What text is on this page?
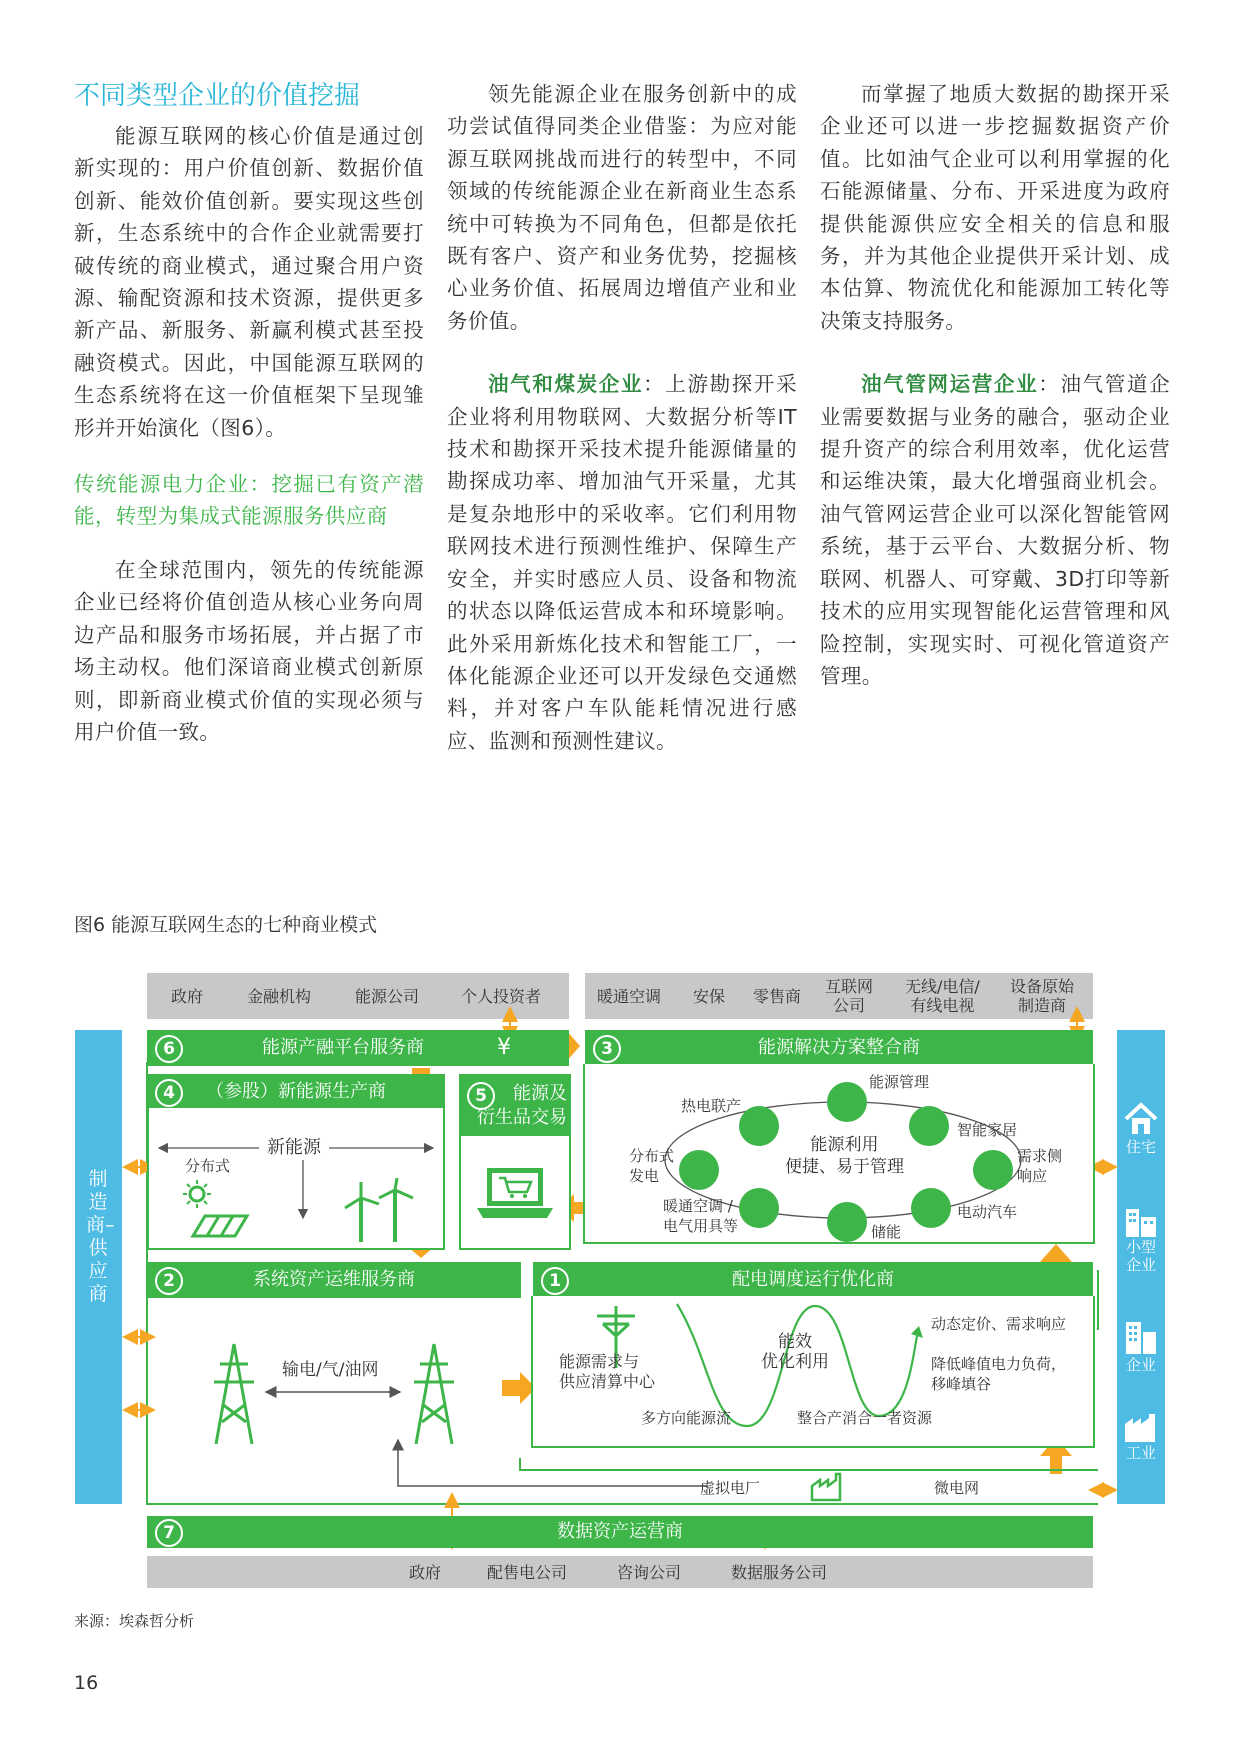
不同类型企业的价值挖掘

能源互联网的核心价值是通过创新实现的：用户价值创新、数据价值创新、能效价值创新。要实现这些创新，生态系统中的合作企业就需要打破传统的商业模式，通过聚合用户资源、输配资源和技术资源，提供更多新产品、新服务、新赢利模式甚至投融资模式。因此，中国能源互联网的生态系统将在这一价值框架下呈现雏形并开始演化（图6）。

传统能源电力企业：挖掘已有资产潜能，转型为集成式能源服务供应商

在全球范围内，领先的传统能源企业已经将价值创造从核心业务向周边产品和服务市场拓展，并占据了市场主动权。他们深谙商业模式创新原则，即新商业模式价值的实现必须与用户价值一致。

领先能源企业在服务创新中的成功尝试值得同类企业借鉴：为应对能源互联网挑战而进行的转型中，不同领域的传统能源企业在新商业生态系统中可转换为不同角色，但都是依托既有客户、资产和业务优势，挖掘核心业务价值、拓展周边增值产业和业务价值。

油气和煤炭企业：上游勘探开采企业将利用物联网、大数据分析等IT技术和勘探开采技术提升能源储量的勘探成功率、增加油气开采量，尤其是复杂地形中的采收率。它们利用物联网技术进行预测性维护、保障生产安全，并实时感应人员、设备和物流的状态以降低运营成本和环境影响。此外采用新炼化技术和智能工厂，一体化能源企业还可以开发绿色交通燃料，并对客户车队能耗情况进行感应、监测和预测性建议。

而掌握了地质大数据的勘探开采企业还可以进一步挖掘数据资产价值。比如油气企业可以利用掌握的化石能源储量、分布、开采进度为政府提供能源供应安全相关的信息和服务，并为其他企业提供开采计划、成本估算、物流优化和能源加工转化等决策支持服务。

油气管网运营企业：油气管道企业需要数据与业务的融合，驱动企业提升资产的综合利用效率，优化运营和运维决策，最大化增强商业机会。油气管网运营企业可以深化智能管网系统，基于云平台、大数据分析、物联网、机器人、可穿戴、3D打印等新技术的应用实现智能化运营管理和风险控制，实现实时、可视化管道资产管理。

图6 能源互联网生态的七种商业模式
政府	金融机构	能源公司	个人投资者	暖通空调 安保 零售商
互联网
公司
无线/电信/
有线电视
设备原始
制造商
制造商–供应商
住宅
小型
企业
企业
工业
6	能源产融平台服务商	¥	3	能源解决方案整合商
能源利用
便捷、易于管理
分布式
发电
热电联产
能源管理
智能家居
需求侧
响应
电动汽车
储能
暖通空调 /
电气用具等
4	（参股）新能源生产商
新能源
分布式
5	能源及
衍生品交易
2	系统资产运维服务商
输电/气/油网
1	配电调度运行优化商
能源需求与
供应清算中心
能效
优化利用
动态定价、需求响应
降低峰值电力负荷，
移峰填谷
多方向能源流	整合产消合一者资源
虚拟电厂	微电网
7	数据资产运营商
政府	配售电公司	咨询公司	数据服务公司
来源：埃森哲分析
16
